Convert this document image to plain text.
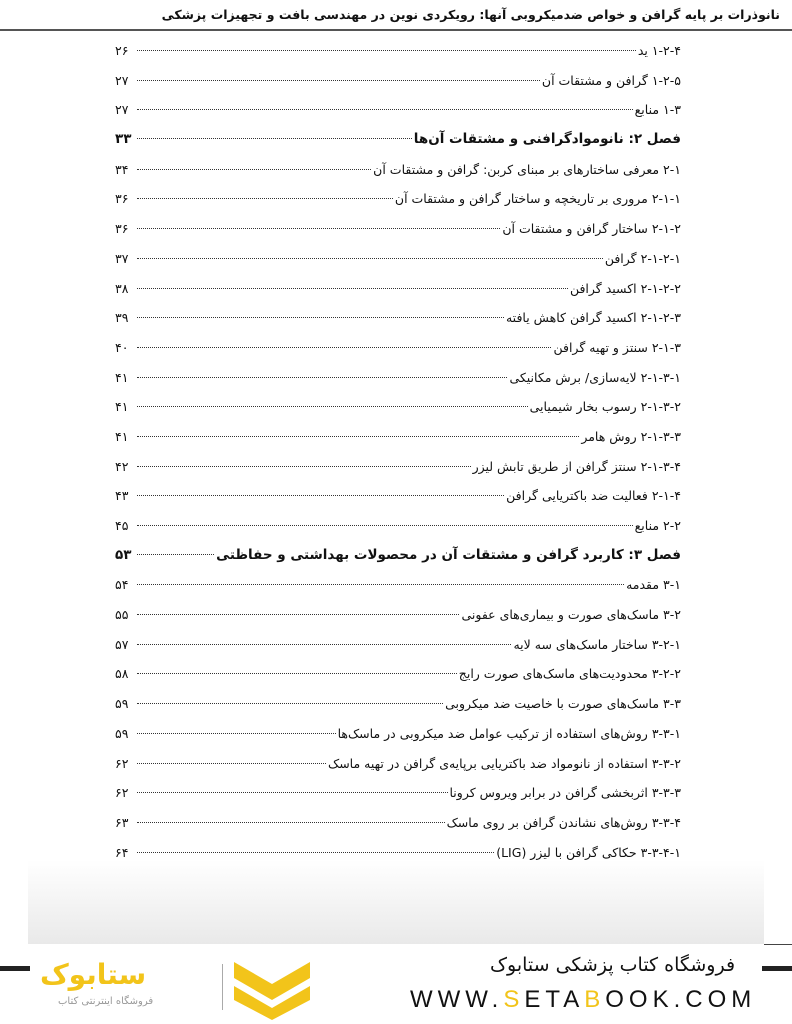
نانوذرات بر پایه گرافن و خواص ضدمیکروبی آنها: رویکردی نوین در مهندسی بافت و تجهیزات پزشکی
۱-۲-۴ ید
۲۶
۱-۲-۵ گرافن و مشتقات آن
۲۷
۱-۳ منابع
۲۷
فصل ۲: نانوموادگرافنی و مشتقات آن‌ها
۳۳
۲-۱ معرفی ساختارهای بر مبنای کربن: گرافن و مشتقات آن
۳۴
۲-۱-۱ مروری بر تاریخچه و ساختار گرافن و مشتقات آن
۳۶
۲-۱-۲ ساختار گرافن و مشتقات آن
۳۶
۲-۱-۲-۱ گرافن
۳۷
۲-۱-۲-۲ اکسید گرافن
۳۸
۲-۱-۲-۳ اکسید گرافن کاهش یافته
۳۹
۲-۱-۳ سنتز و تهیه گرافن
۴۰
۲-۱-۳-۱ لایه‌سازی/ برش مکانیکی
۴۱
۲-۱-۳-۲ رسوب بخار شیمیایی
۴۱
۲-۱-۳-۳ روش هامر
۴۱
۲-۱-۳-۴ سنتز گرافن از طریق تابش لیزر
۴۲
۲-۱-۴ فعالیت ضد باکتریایی گرافن
۴۳
۲-۲ منابع
۴۵
فصل ۳: کاربرد گرافن و مشتقات آن در محصولات بهداشتی و حفاظتی
۵۳
۳-۱ مقدمه
۵۴
۳-۲ ماسک‌های صورت و بیماری‌های عفونی
۵۵
۳-۲-۱ ساختار ماسک‌های سه لایه
۵۷
۳-۲-۲ محدودیت‌های ماسک‌های صورت رایج
۵۸
۳-۳ ماسک‌های صورت با خاصیت ضد میکروبی
۵۹
۳-۳-۱ روش‌های استفاده از ترکیب عوامل ضد میکروبی در ماسک‌ها
۵۹
۳-۳-۲ استفاده از نانومواد ضد باکتریایی برپایه‌ی گرافن در تهیه ماسک
۶۲
۳-۳-۳ اثربخشی گرافن در برابر ویروس کرونا
۶۲
۳-۳-۴ روش‌های نشاندن گرافن بر روی ماسک
۶۳
۳-۳-۴-۱ حکاکی گرافن با لیزر (LIG)
۶۴
فروشگاه کتاب پزشکی ستابوک
WWW.SETABOOK.COM
ستابوک
فروشگاه اینترنتی کتاب
